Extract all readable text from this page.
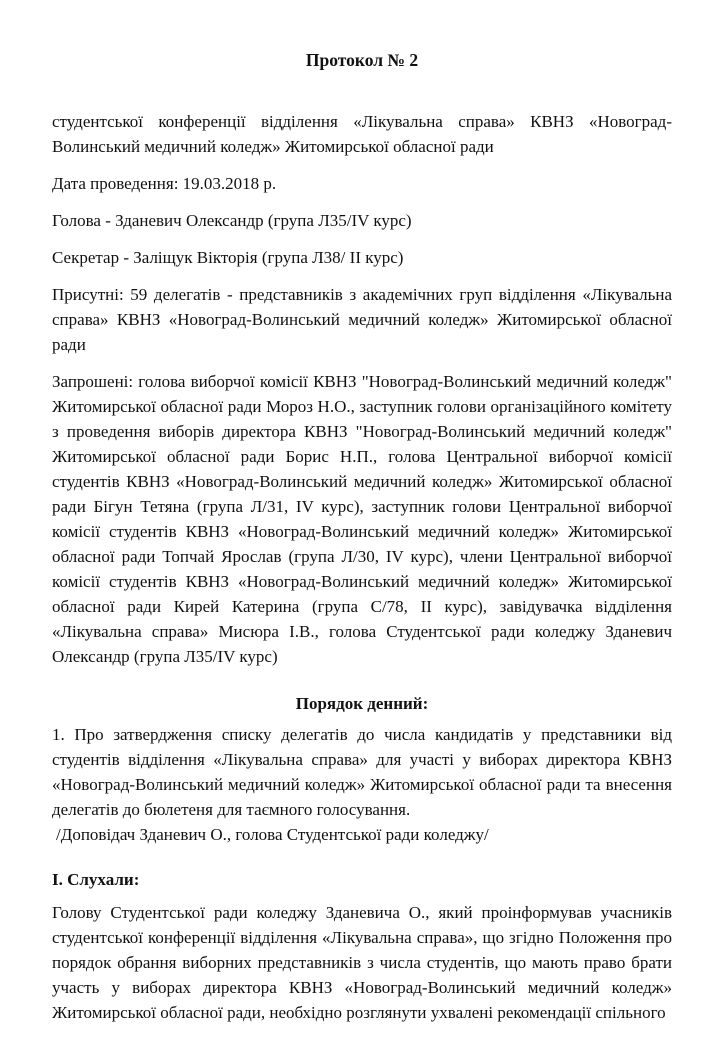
Протокол № 2

студентської конференції відділення «Лікувальна справа» КВНЗ «Новоград-Волинський медичний коледж» Житомирської обласної ради

Дата проведення: 19.03.2018 р.

Голова - Зданевич Олександр (група Л35/IV курс)

Секретар - Заліщук Вікторія (група Л38/ ІІ курс)

Присутні: 59 делегатів - представників з академічних груп відділення «Лікувальна справа» КВНЗ «Новоград-Волинський медичний коледж» Житомирської обласної ради

Запрошені: голова виборчої комісії КВНЗ "Новоград-Волинський медичний коледж" Житомирської обласної ради Мороз Н.О., заступник голови організаційного комітету з проведення виборів директора КВНЗ "Новоград-Волинський медичний коледж" Житомирської обласної ради Борис Н.П., голова Центральної виборчої комісії студентів КВНЗ «Новоград-Волинський медичний коледж» Житомирської обласної ради Бігун Тетяна (група Л/31, IV курс), заступник голови Центральної виборчої комісії студентів КВНЗ «Новоград-Волинський медичний коледж» Житомирської обласної ради Топчай Ярослав (група Л/30, IV курс), члени Центральної виборчої комісії студентів КВНЗ «Новоград-Волинський медичний коледж» Житомирської обласної ради Кирей Катерина (група С/78, ІІ курс), завідувачка відділення «Лікувальна справа» Мисюра І.В., голова Студентської ради коледжу Зданевич Олександр (група Л35/IV курс)

Порядок денний:

1. Про затвердження списку делегатів до числа кандидатів у представники від студентів відділення «Лікувальна справа» для участі у виборах директора КВНЗ «Новоград-Волинський медичний коледж» Житомирської обласної ради та внесення делегатів до бюлетеня для таємного голосування.

/Доповідач Зданевич О., голова Студентської ради коледжу/

І. Слухали:

Голову Студентської ради коледжу Зданевича О., який проінформував учасників студентської конференції відділення «Лікувальна справа», що згідно Положення про порядок обрання виборних представників з числа студентів, що мають право брати участь у виборах директора КВНЗ «Новоград-Волинський медичний коледж» Житомирської обласної ради, необхідно розглянути ухвалені рекомендації спільного
